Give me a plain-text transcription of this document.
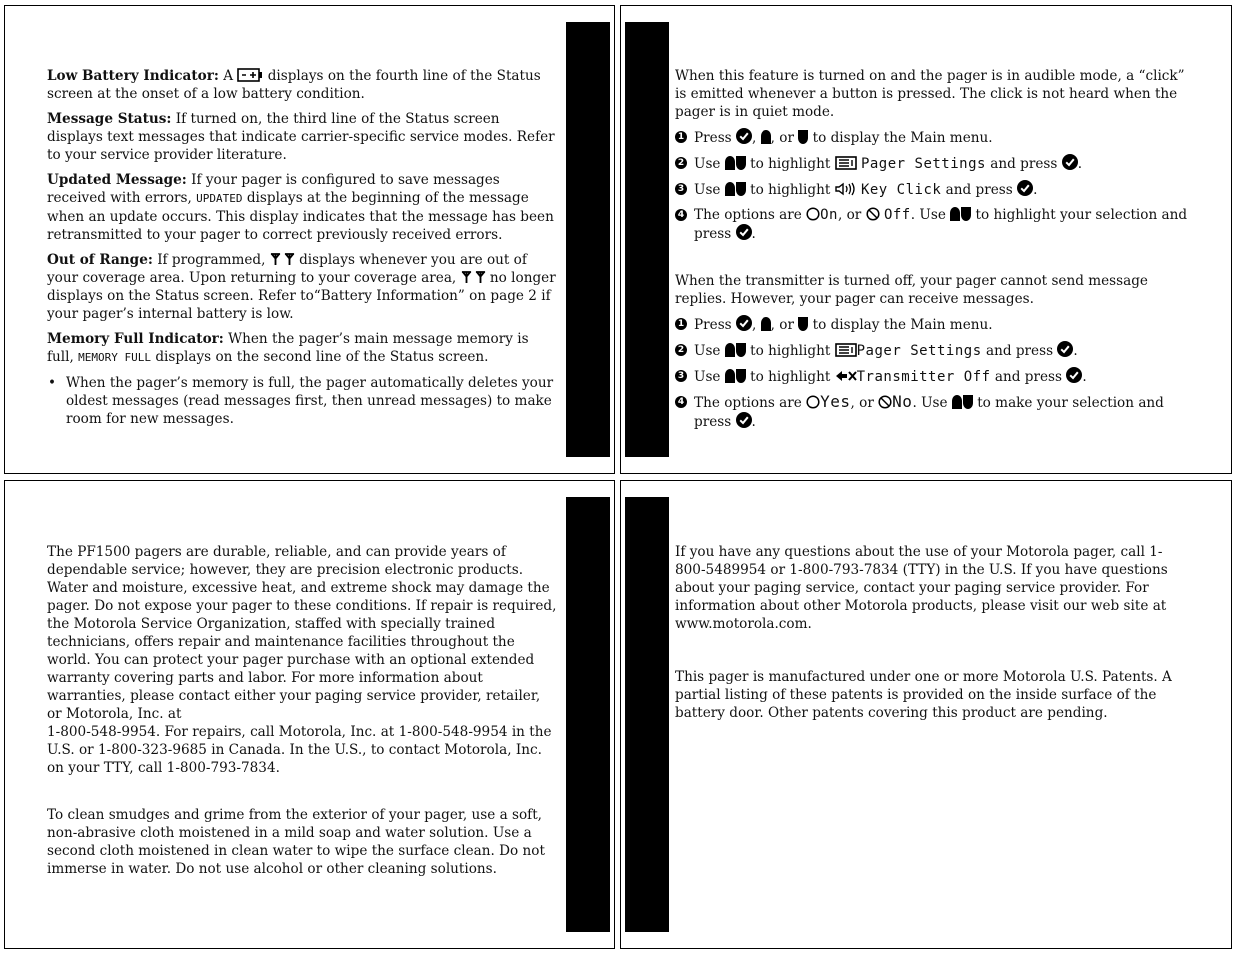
Low Battery Indicator: A	displays on the fourth line of the Status screen at the onset of a low battery condition.

Message Status: If turned on, the third line of the Status screen displays text messages that indicate carrier-specific service modes. Refer to your service provider literature.

Updated Message: If your pager is configured to save messages received with errors, UPDATED displays at the beginning of the message when an update occurs. This display indicates that the message has been retransmitted to your pager to correct previously received errors.

Out of Range: If programmed, displays whenever you are out of your coverage area. Upon returning to your coverage area, no longer displays on the Status screen. Refer to“Battery Information” on page 2 if your pager’s internal battery is low.

Memory Full Indicator: When the pager’s main message memory is full, MEMORY FULL displays on the second line of the Status screen.

• When the pager’s memory is full, the pager automatically deletes your oldest messages (read messages first, then unread messages) to make room for new messages.

When this feature is turned on and the pager is in audible mode, a “click” is emitted whenever a button is pressed. The click is not heard when the pager is in quiet mode.

1 Press , , or to display the Main menu.
2 Use to highlight Pager Settings and press .
3 Use to highlight Key Click and press .
4 The options are On, or Off. Use to highlight your selection and press .

When the transmitter is turned off, your pager cannot send message replies. However, your pager can receive messages.

1 Press , , or to display the Main menu.
2 Use to highlight Pager Settings and press .
3 Use to highlight Transmitter Off and press .
4 The options are Yes, or No. Use to make your selection and press .

The PF1500 pagers are durable, reliable, and can provide years of dependable service; however, they are precision electronic products. Water and moisture, excessive heat, and extreme shock may damage the pager. Do not expose your pager to these conditions. If repair is required, the Motorola Service Organization, staffed with specially trained technicians, offers repair and maintenance facilities throughout the world. You can protect your pager purchase with an optional extended warranty covering parts and labor. For more information about warranties, please contact either your paging service provider, retailer, or Motorola, Inc. at

1-800-548-9954. For repairs, call Motorola, Inc. at 1-800-548-9954 in the U.S. or 1-800-323-9685 in Canada. In the U.S., to contact Motorola, Inc. on your TTY, call 1-800-793-7834.

To clean smudges and grime from the exterior of your pager, use a soft, non-abrasive cloth moistened in a mild soap and water solution. Use a second cloth moistened in clean water to wipe the surface clean. Do not immerse in water. Do not use alcohol or other cleaning solutions.

If you have any questions about the use of your Motorola pager, call 1-800-5489954 or 1-800-793-7834 (TTY) in the U.S. If you have questions about your paging service, contact your paging service provider. For information about other Motorola products, please visit our web site at www.motorola.com.

This pager is manufactured under one or more Motorola U.S. Patents. A partial listing of these patents is provided on the inside surface of the battery door. Other patents covering this product are pending.
